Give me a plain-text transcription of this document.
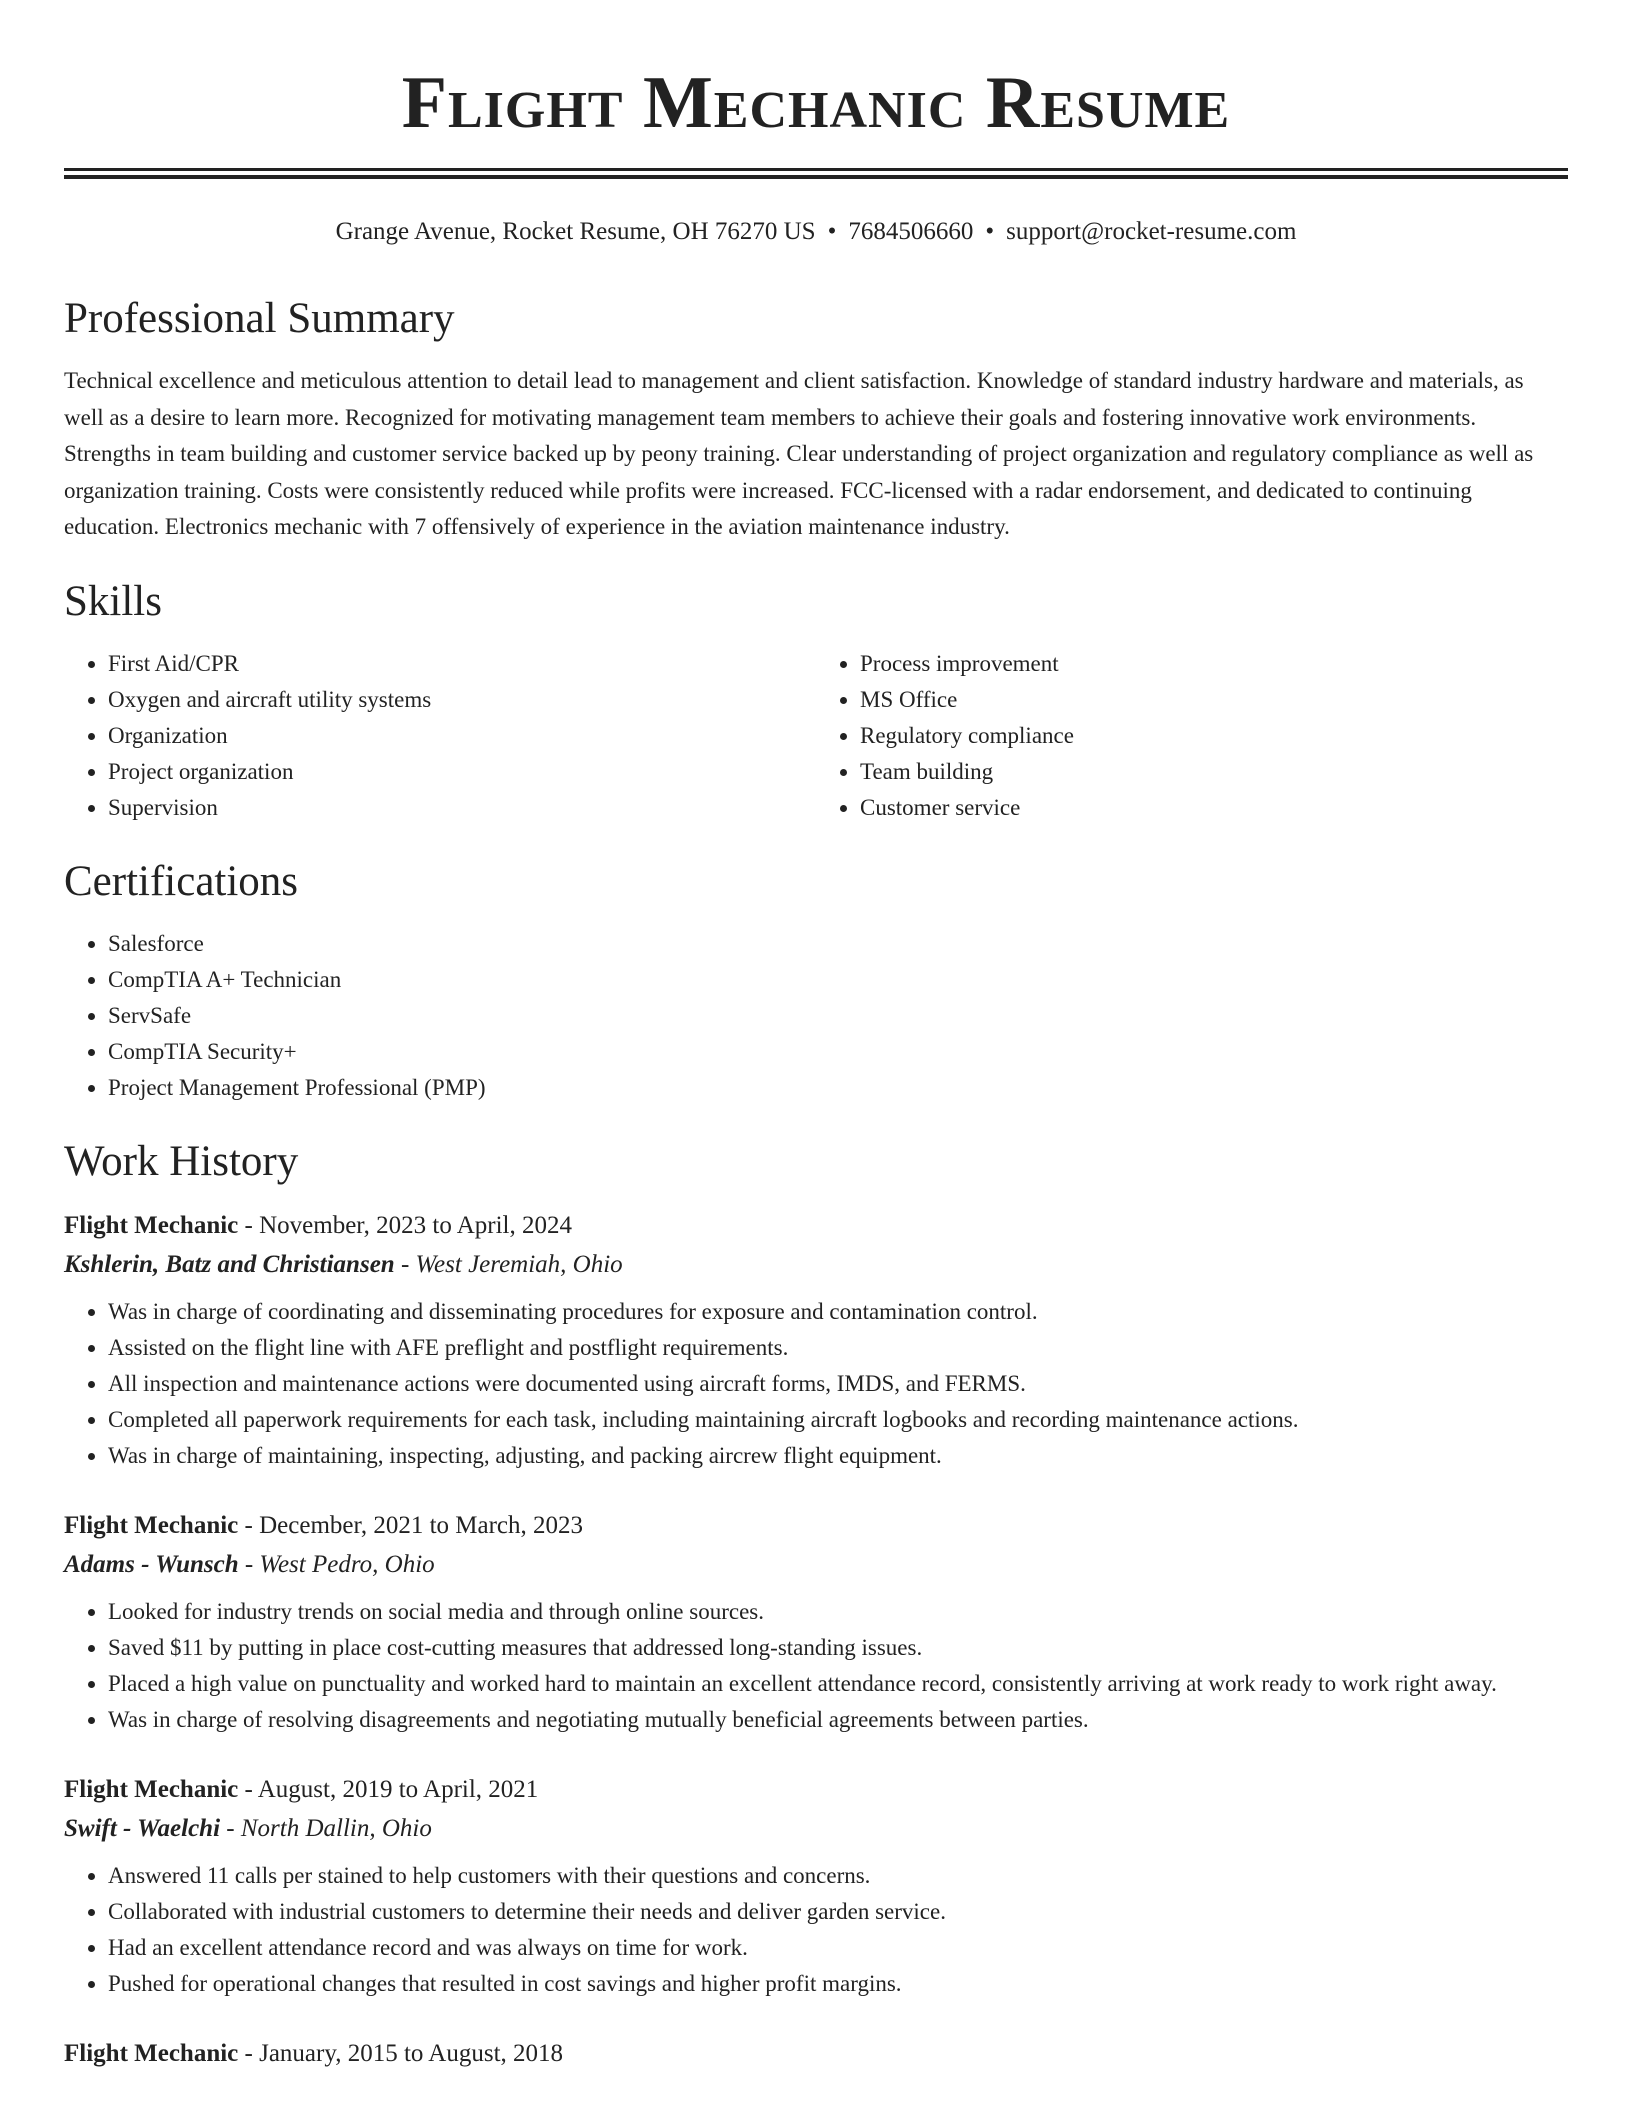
Flight Mechanic Resume
Grange Avenue, Rocket Resume, OH 76270 US • 7684506660 • support@rocket-resume.com
Professional Summary

Technical excellence and meticulous attention to detail lead to management and client satisfaction. Knowledge of standard industry hardware and materials, as well as a desire to learn more. Recognized for motivating management team members to achieve their goals and fostering innovative work environments. Strengths in team building and customer service backed up by peony training. Clear understanding of project organization and regulatory compliance as well as organization training. Costs were consistently reduced while profits were increased. FCC-licensed with a radar endorsement, and dedicated to continuing education. Electronics mechanic with 7 offensively of experience in the aviation maintenance industry.

Skills
• First Aid/CPR
• Oxygen and aircraft utility systems
• Organization
• Project organization
• Supervision
• Process improvement
• MS Office
• Regulatory compliance
• Team building
• Customer service
Certifications
• Salesforce
• CompTIA A+ Technician
• ServSafe
• CompTIA Security+
• Project Management Professional (PMP)
Work History
Flight Mechanic - November, 2023 to April, 2024
Kshlerin, Batz and Christiansen - West Jeremiah, Ohio
• Was in charge of coordinating and disseminating procedures for exposure and contamination control.
• Assisted on the flight line with AFE preflight and postflight requirements.
• All inspection and maintenance actions were documented using aircraft forms, IMDS, and FERMS.
• Completed all paperwork requirements for each task, including maintaining aircraft logbooks and recording maintenance actions.
• Was in charge of maintaining, inspecting, adjusting, and packing aircrew flight equipment.
Flight Mechanic - December, 2021 to March, 2023
Adams - Wunsch - West Pedro, Ohio
• Looked for industry trends on social media and through online sources.
• Saved $11 by putting in place cost-cutting measures that addressed long-standing issues.
• Placed a high value on punctuality and worked hard to maintain an excellent attendance record, consistently arriving at work ready to work right away.
• Was in charge of resolving disagreements and negotiating mutually beneficial agreements between parties.
Flight Mechanic - August, 2019 to April, 2021
Swift - Waelchi - North Dallin, Ohio
• Answered 11 calls per stained to help customers with their questions and concerns.
• Collaborated with industrial customers to determine their needs and deliver garden service.
• Had an excellent attendance record and was always on time for work.
• Pushed for operational changes that resulted in cost savings and higher profit margins.
Flight Mechanic - January, 2015 to August, 2018
